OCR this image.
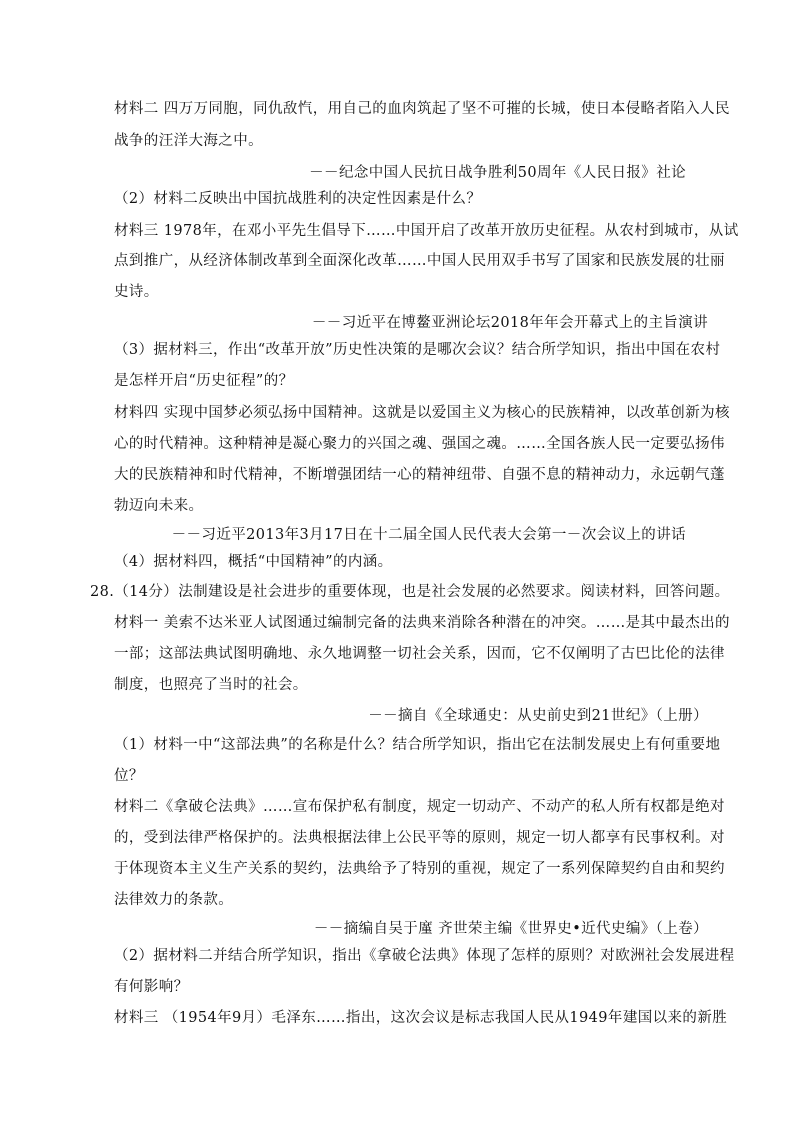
材料二 四万万同胞，同仇敌忾，用自己的血肉筑起了坚不可摧的长城，使日本侵略者陷入人民
战争的汪洋大海之中。
－－纪念中国人民抗日战争胜利50周年《人民日报》社论
（2）材料二反映出中国抗战胜利的决定性因素是什么？
材料三 1978年，在邓小平先生倡导下……中国开启了改革开放历史征程。从农村到城市，从试
点到推广，从经济体制改革到全面深化改革……中国人民用双手书写了国家和民族发展的壮丽
史诗。
－－习近平在博鳌亚洲论坛2018年年会开幕式上的主旨演讲
（3）据材料三，作出“改革开放”历史性决策的是哪次会议？结合所学知识，指出中国在农村
是怎样开启“历史征程”的？
材料四 实现中国梦必须弘扬中国精神。这就是以爱国主义为核心的民族精神，以改革创新为核
心的时代精神。这种精神是凝心聚力的兴国之魂、强国之魂。……全国各族人民一定要弘扬伟
大的民族精神和时代精神，不断增强团结一心的精神纽带、自强不息的精神动力，永远朝气蓬
勃迈向未来。
－－习近平2013年3月17日在十二届全国人民代表大会第一－次会议上的讲话
（4）据材料四，概括“中国精神”的内涵。
28.（14分）法制建设是社会进步的重要体现，也是社会发展的必然要求。阅读材料，回答问题。
材料一 美索不达米亚人试图通过编制完备的法典来消除各种潜在的冲突。……是其中最杰出的
一部；这部法典试图明确地、永久地调整一切社会关系，因而，它不仅阐明了古巴比伦的法律
制度，也照亮了当时的社会。
－－摘自《全球通史：从史前史到21世纪》（上册）
（1）材料一中“这部法典”的名称是什么？结合所学知识，指出它在法制发展史上有何重要地
位？
材料二《拿破仑法典》……宣布保护私有制度，规定一切动产、不动产的私人所有权都是绝对
的，受到法律严格保护的。法典根据法律上公民平等的原则，规定一切人都享有民事权利。对
于体现资本主义生产关系的契约，法典给予了特别的重视，规定了一系列保障契约自由和契约
法律效力的条款。
－－摘编自吴于廑 齐世荣主编《世界史•近代史编》（上卷）
（2）据材料二并结合所学知识，指出《拿破仑法典》体现了怎样的原则？对欧洲社会发展进程
有何影响？
材料三 （1954年9月）毛泽东……指出，这次会议是标志我国人民从1949年建国以来的新胜
